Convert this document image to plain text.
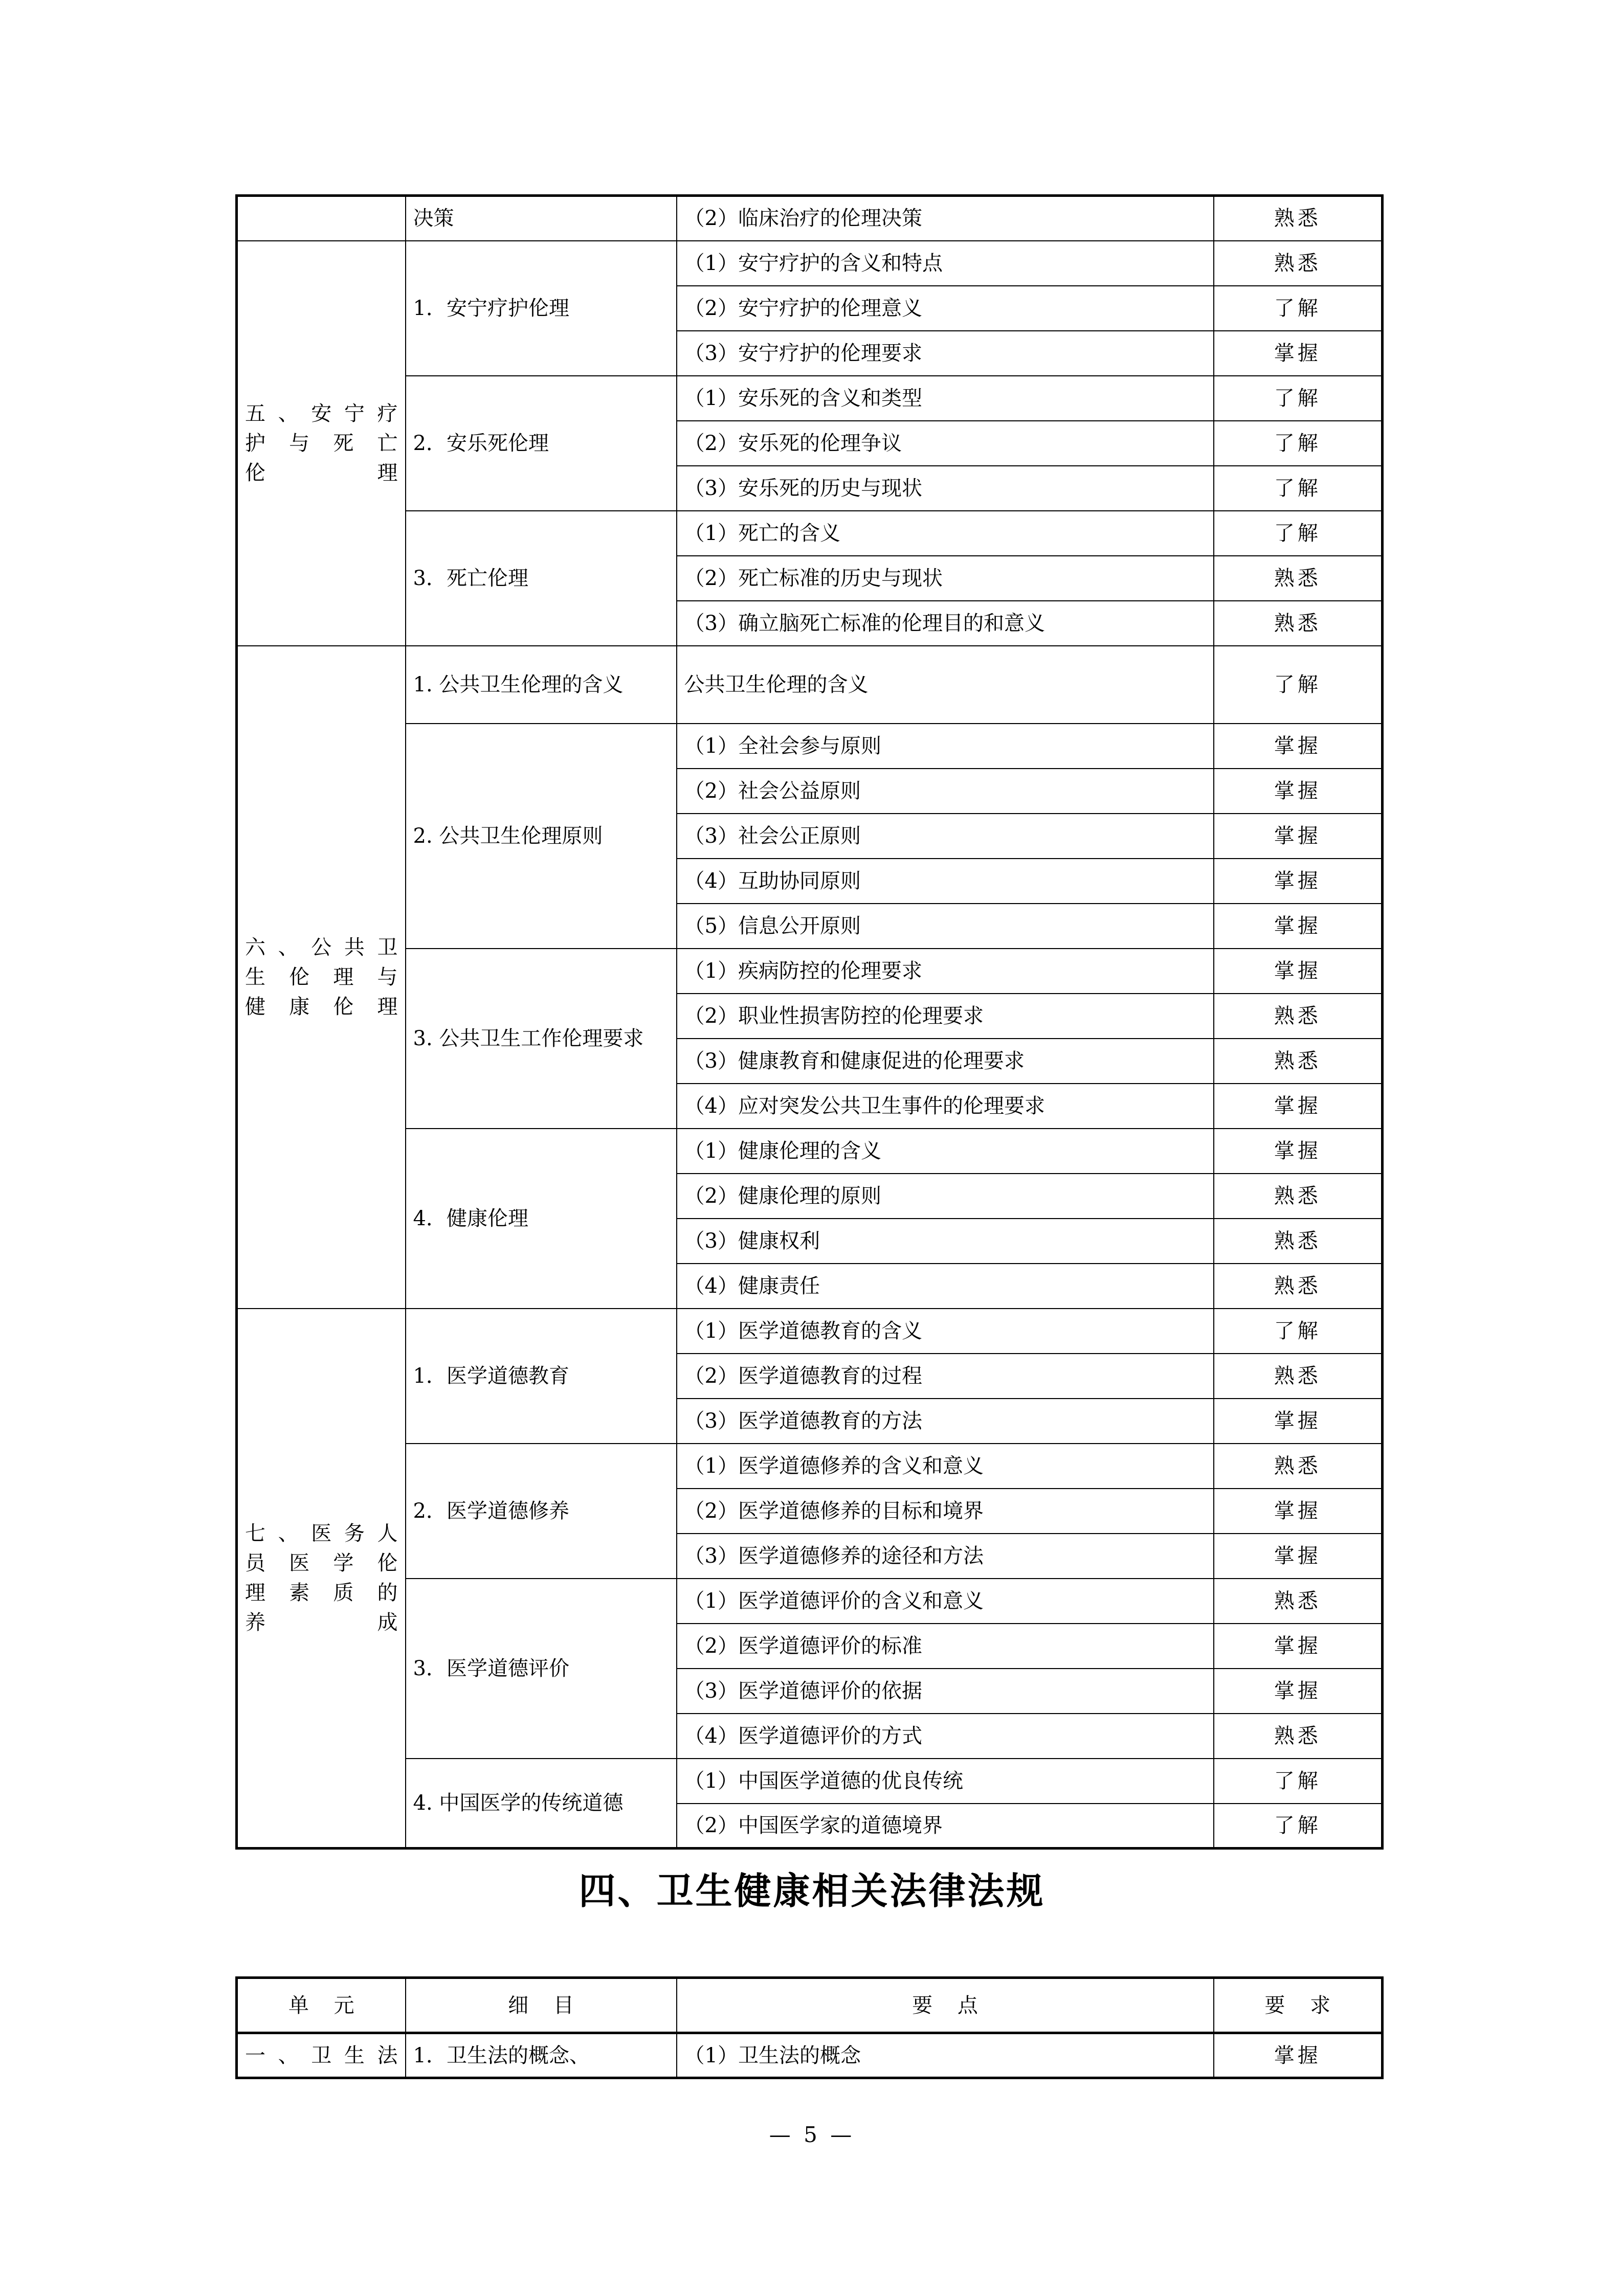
	决策	（2）临床治疗的伦理决策	熟悉

五、安宁疗
护 与 死 亡
伦理	1．安宁疗护伦理	（1）安宁疗护的含义和特点	熟悉
		（2）安宁疗护的伦理意义	了解
		（3）安宁疗护的伦理要求	掌握
	2．安乐死伦理	（1）安乐死的含义和类型	了解
		（2）安乐死的伦理争议	了解
		（3）安乐死的历史与现状	了解
	3．死亡伦理	（1）死亡的含义	了解
		（2）死亡标准的历史与现状	熟悉
		（3）确立脑死亡标准的伦理目的和意义	熟悉

六、公共卫
生 伦 理 与
健康伦理	1. 公共卫生伦理的含义	公共卫生伦理的含义	了解
	2. 公共卫生伦理原则	（1）全社会参与原则	掌握
		（2）社会公益原则	掌握
		（3）社会公正原则	掌握
		（4）互助协同原则	掌握
		（5）信息公开原则	掌握
	3. 公共卫生工作伦理要求	（1）疾病防控的伦理要求	掌握
		（2）职业性损害防控的伦理要求	熟悉
		（3）健康教育和健康促进的伦理要求	熟悉
		（4）应对突发公共卫生事件的伦理要求	掌握
	4．健康伦理	（1）健康伦理的含义	掌握
		（2）健康伦理的原则	熟悉
		（3）健康权利	熟悉
		（4）健康责任	熟悉

七、医务人
员 医 学 伦
理 素 质 的
养成	1．医学道德教育	（1）医学道德教育的含义	了解
		（2）医学道德教育的过程	熟悉
		（3）医学道德教育的方法	掌握
	2．医学道德修养	（1）医学道德修养的含义和意义	熟悉
		（2）医学道德修养的目标和境界	掌握
		（3）医学道德修养的途径和方法	掌握
	3．医学道德评价	（1）医学道德评价的含义和意义	熟悉
		（2）医学道德评价的标准	掌握
		（3）医学道德评价的依据	掌握
		（4）医学道德评价的方式	熟悉
	4. 中国医学的传统道德	（1）中国医学道德的优良传统	了解
		（2）中国医学家的道德境界	了解
四、卫生健康相关法律法规
单 元	细 目	要 点	要 求
一、卫生法	1．卫生法的概念、	（1）卫生法的概念	掌握
— 5 —
